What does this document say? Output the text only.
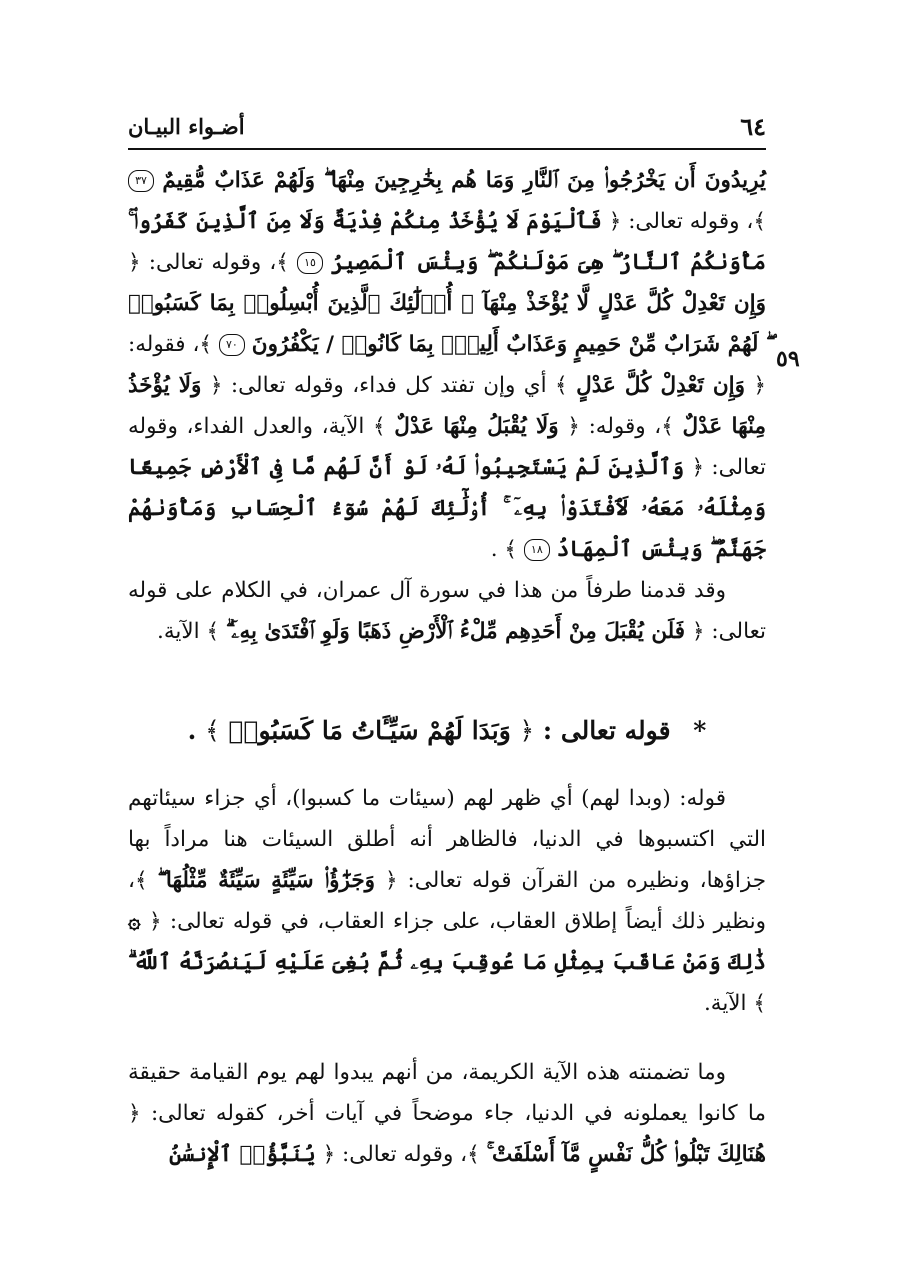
٦٤
أضـواء البيـان
٥٩

يُرِيدُونَ أَن يَخْرُجُوا۟ مِنَ ٱلنَّارِ وَمَا هُم بِخَٰرِجِينَ مِنْهَا ۖ وَلَهُمْ عَذَابٌ مُّقِيمٌ ٣٧ ﴾، وقوله تعالى: ﴿ فَٱلْيَوْمَ لَا يُؤْخَذُ مِنكُمْ فِدْيَةٌ وَلَا مِنَ ٱلَّذِينَ كَفَرُوا۟ ۚ مَأْوَىٰكُمُ ٱلنَّارُ ۖ هِىَ مَوْلَىٰكُمْ ۖ وَبِئْسَ ٱلْمَصِيرُ ١٥ ﴾، وقوله تعالى: ﴿ وَإِن تَعْدِلْ كُلَّ عَدْلٍ لَّا يُؤْخَذْ مِنْهَآ ۗ أُو۟لَٰٓئِكَ ٱلَّذِينَ أُبْسِلُوا۟ بِمَا كَسَبُوا۟ ۖ لَهُمْ شَرَابٌ مِّنْ حَمِيمٍ وَعَذَابٌ أَلِيمٌۢ بِمَا كَانُوا۟ / يَكْفُرُونَ ٧٠ ﴾، فقوله: ﴿ وَإِن تَعْدِلْ كُلَّ عَدْلٍ ﴾ أي وإن تفتد كل فداء، وقوله تعالى: ﴿ وَلَا يُؤْخَذُ مِنْهَا عَدْلٌ ﴾، وقوله: ﴿ وَلَا يُقْبَلُ مِنْهَا عَدْلٌ ﴾ الآية، والعدل الفداء، وقوله تعالى: ﴿ وَٱلَّذِينَ لَمْ يَسْتَجِيبُوا۟ لَهُۥ لَوْ أَنَّ لَهُم مَّا فِى ٱلْأَرْضِ جَمِيعًا وَمِثْلَهُۥ مَعَهُۥ لَٱفْتَدَوْا۟ بِهِۦٓ ۚ أُو۟لَٰٓئِكَ لَهُمْ سُوٓءُ ٱلْحِسَابِ وَمَأْوَىٰهُمْ جَهَنَّمُ ۖ وَبِئْسَ ٱلْمِهَادُ ١٨ ﴾ .

وقد قدمنا طرفاً من هذا في سورة آل عمران، في الكلام على قوله تعالى: ﴿ فَلَن يُقْبَلَ مِنْ أَحَدِهِم مِّلْءُ ٱلْأَرْضِ ذَهَبًا وَلَوِ ٱفْتَدَىٰ بِهِۦٓ ۗ ﴾ الآية.

* قوله تعالى : ﴿ وَبَدَا لَهُمْ سَيِّـَٔاتُ مَا كَسَبُوا۟ ﴾ .

قوله: (وبدا لهم) أي ظهر لهم (سيئات ما كسبوا)، أي جزاء سيئاتهم التي اكتسبوها في الدنيا، فالظاهر أنه أطلق السيئات هنا مراداً بها جزاؤها، ونظيره من القرآن قوله تعالى: ﴿ وَجَزَٰٓؤُا۟ سَيِّئَةٍ سَيِّئَةٌ مِّثْلُهَا ۖ ﴾، ونظير ذلك أيضاً إطلاق العقاب، على جزاء العقاب، في قوله تعالى: ﴿ ۞ ذَٰلِكَ وَمَنْ عَاقَبَ بِمِثْلِ مَا عُوقِبَ بِهِۦ ثُمَّ بُغِىَ عَلَيْهِ لَيَنصُرَنَّهُ ٱللَّهُ ۗ ﴾ الآية.

وما تضمنته هذه الآية الكريمة، من أنهم يبدوا لهم يوم القيامة حقيقة ما كانوا يعملونه في الدنيا، جاء موضحاً في آيات أخر، كقوله تعالى: ﴿ هُنَالِكَ تَبْلُوا۟ كُلُّ نَفْسٍ مَّآ أَسْلَفَتْ ۚ ﴾، وقوله تعالى: ﴿ يُنَبَّؤُا۟ ٱلْإِنسَٰنُ
